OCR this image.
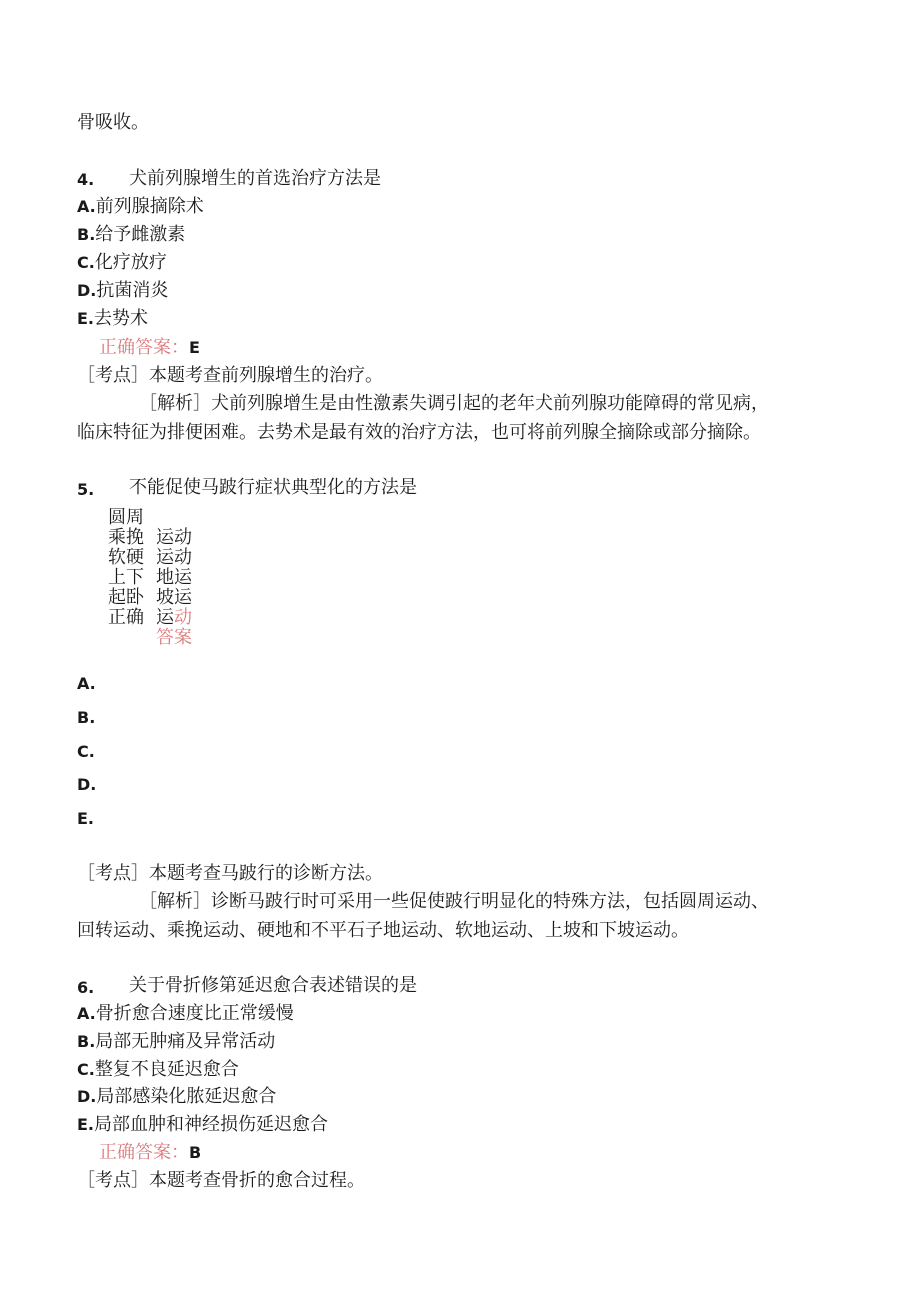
骨吸收。
4. 犬前列腺增生的首选治疗方法是
A.前列腺摘除术
B.给予雌激素
C.化疗放疗
D.抗菌消炎
E.去势术
正确答案：E
［考点］本题考查前列腺增生的治疗。
［解析］犬前列腺增生是由性激素失调引起的老年犬前列腺功能障碍的常见病，
临床特征为排便困难。去势术是最有效的治疗方法，也可将前列腺全摘除或部分摘除。
5. 不能促使马跛行症状典型化的方法是
圆周
乘挽 运动
软硬 运动
上下 地运
起卧 坡运
正确 运动
答案
A.
B.
C.
D.
E.
［考点］本题考查马跛行的诊断方法。
［解析］诊断马跛行时可采用一些促使跛行明显化的特殊方法，包括圆周运动、
回转运动、乘挽运动、硬地和不平石子地运动、软地运动、上坡和下坡运动。
6. 关于骨折修第延迟愈合表述错误的是
A.骨折愈合速度比正常缓慢
B.局部无肿痛及异常活动
C.整复不良延迟愈合
D.局部感染化脓延迟愈合
E.局部血肿和神经损伤延迟愈合
正确答案：B
［考点］本题考查骨折的愈合过程。
